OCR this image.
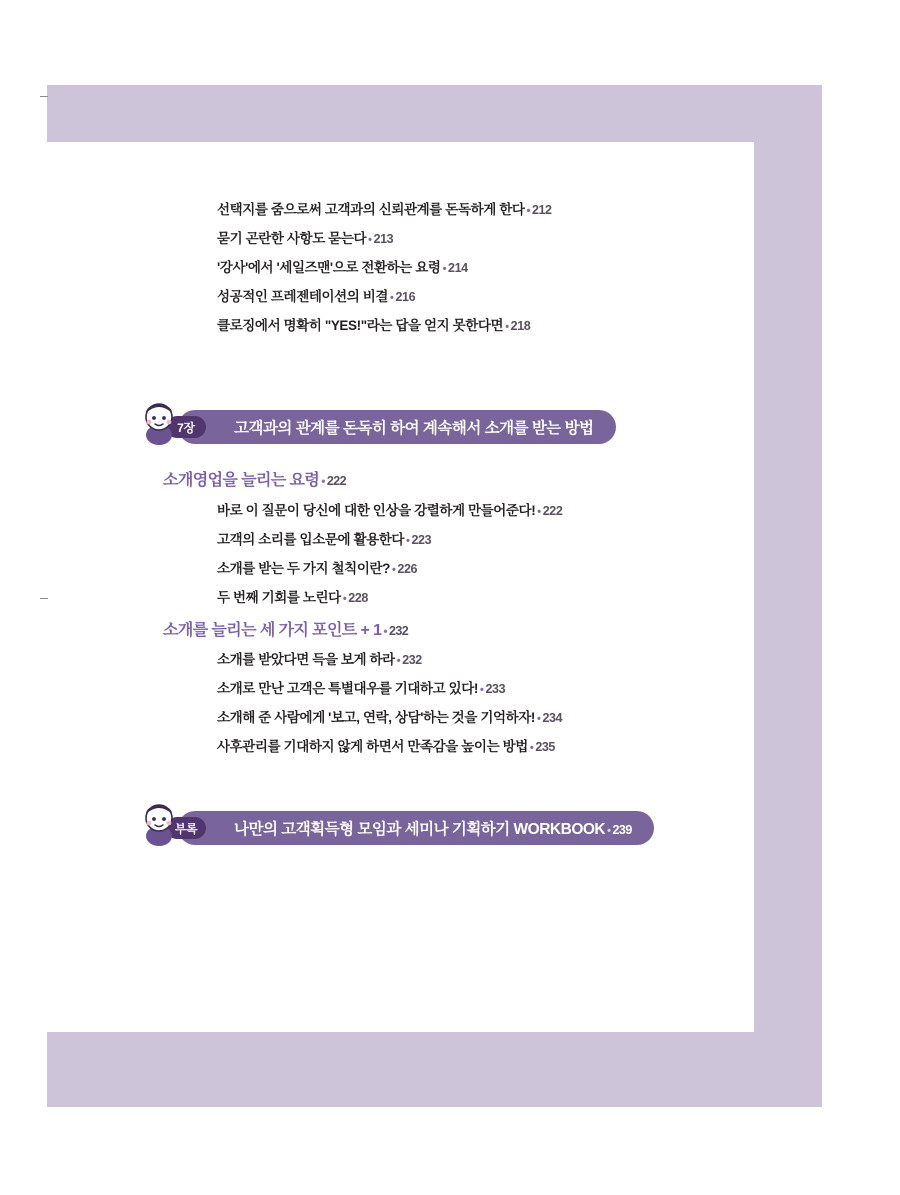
선택지를 줌으로써 고객과의 신뢰관계를 돈독하게 한다 • 212
묻기 곤란한 사항도 묻는다 • 213
'강사'에서 '세일즈맨'으로 전환하는 요령 • 214
성공적인 프레젠테이션의 비결 • 216
클로징에서 명확히 "YES!"라는 답을 얻지 못한다면 • 218
고객과의 관계를 돈독히 하여 계속해서 소개를 받는 방법
7장
소개영업을 늘리는 요령 • 222
바로 이 질문이 당신에 대한 인상을 강렬하게 만들어준다! • 222
고객의 소리를 입소문에 활용한다 • 223
소개를 받는 두 가지 철칙이란? • 226
두 번째 기회를 노린다 • 228
소개를 늘리는 세 가지 포인트 + 1 • 232
소개를 받았다면 득을 보게 하라 • 232
소개로 만난 고객은 특별대우를 기대하고 있다! • 233
소개해 준 사람에게 '보고, 연락, 상담'하는 것을 기억하자! • 234
사후관리를 기대하지 않게 하면서 만족감을 높이는 방법 • 235
나만의 고객획득형 모임과 세미나 기획하기 WORKBOOK • 239
부록
